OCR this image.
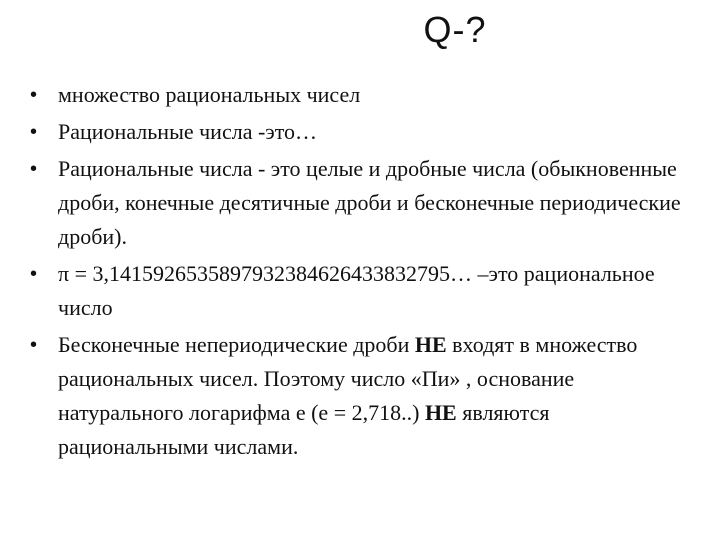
Q-?

• множество рациональных чисел

• Рациональные числа -это…

• Рациональные числа - это целые и дробные числа (обыкновенные дроби, конечные десятичные дроби и бесконечные периодические дроби).

• π = 3,1415926535897932384626433832795… –это рациональное число

• Бесконечные непериодические дроби НЕ входят в множество рациональных чисел. Поэтому число «Пи» , основание натурального логарифма е (е = 2,718..) НЕ являются рациональными числами.
